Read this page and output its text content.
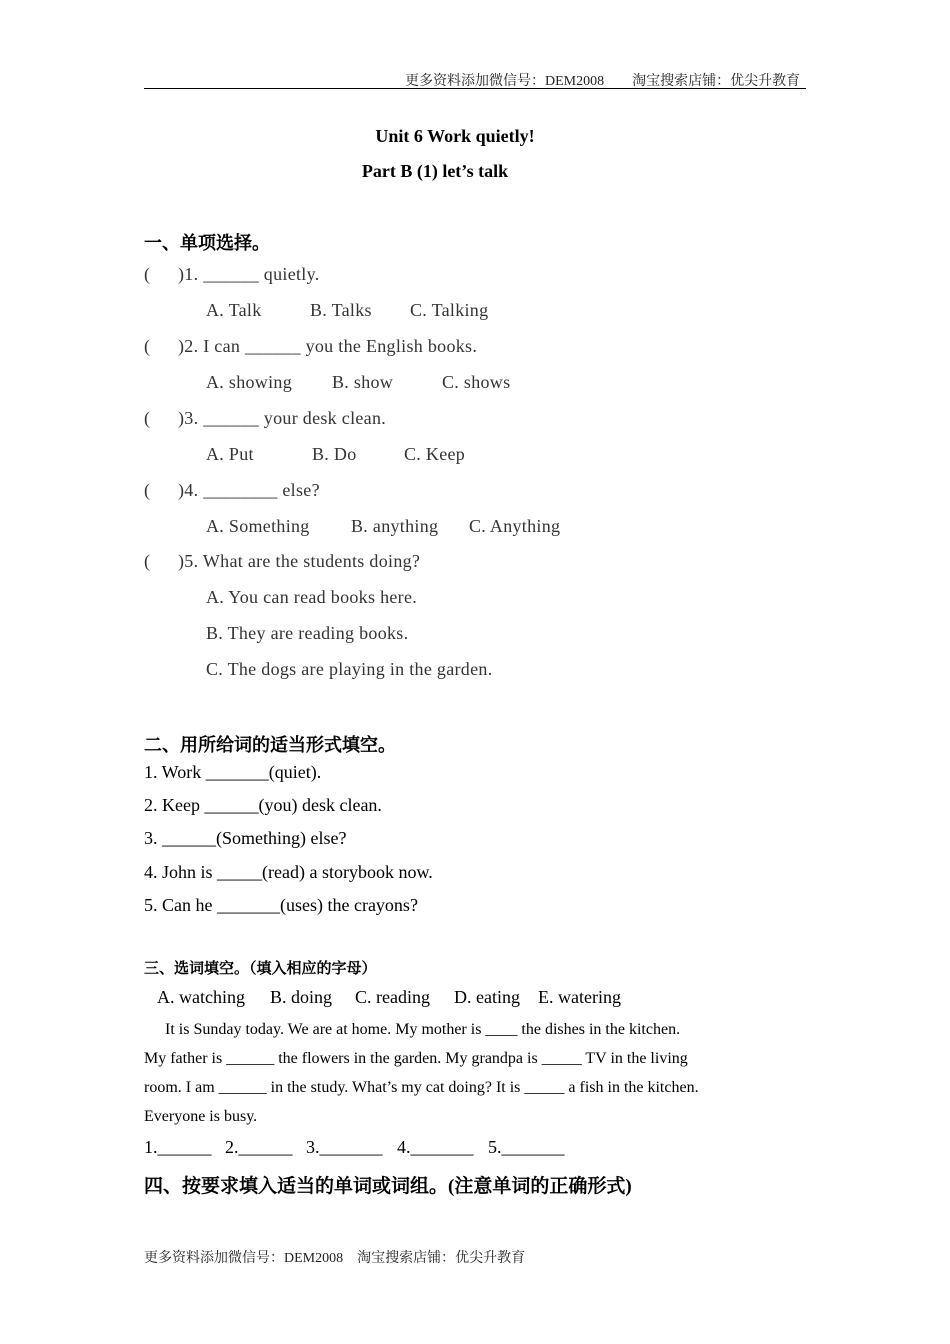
更多资料添加微信号：DEM2008　　淘宝搜索店铺：优尖升教育
Unit 6 Work quietly!
Part B (1) let’s talk
一、单项选择。
( )1. ______ quietly.
A. Talk	B. Talks C. Talking
( )2. I can ______ you the English books.
A. showing B. show	C. shows
( )3. ______ your desk clean.
A. Put	B. Do	C. Keep
( )4. ________ else?
A. Something B. anything C. Anything
( )5. What are the students doing?
A. You can read books here.
B. They are reading books.
C. The dogs are playing in the garden.
二、用所给词的适当形式填空。
1. Work _______(quiet).
2. Keep ______(you) desk clean.
3. ______(Something) else?
4. John is _____(read) a storybook now.
5. Can he _______(uses) the crayons?
三、选词填空。（填入相应的字母）
A. watching B. doing C. reading D. eating E. watering
It is Sunday today. We are at home. My mother is ____ the dishes in the kitchen.
My father is ______ the flowers in the garden. My grandpa is _____ TV in the living
room. I am ______ in the study. What’s my cat doing? It is _____ a fish in the kitchen.
Everyone is busy.
1.______ 2.______ 3._______ 4._______ 5._______
四、按要求填入适当的单词或词组。(注意单词的正确形式)
更多资料添加微信号：DEM2008　淘宝搜索店铺：优尖升教育
